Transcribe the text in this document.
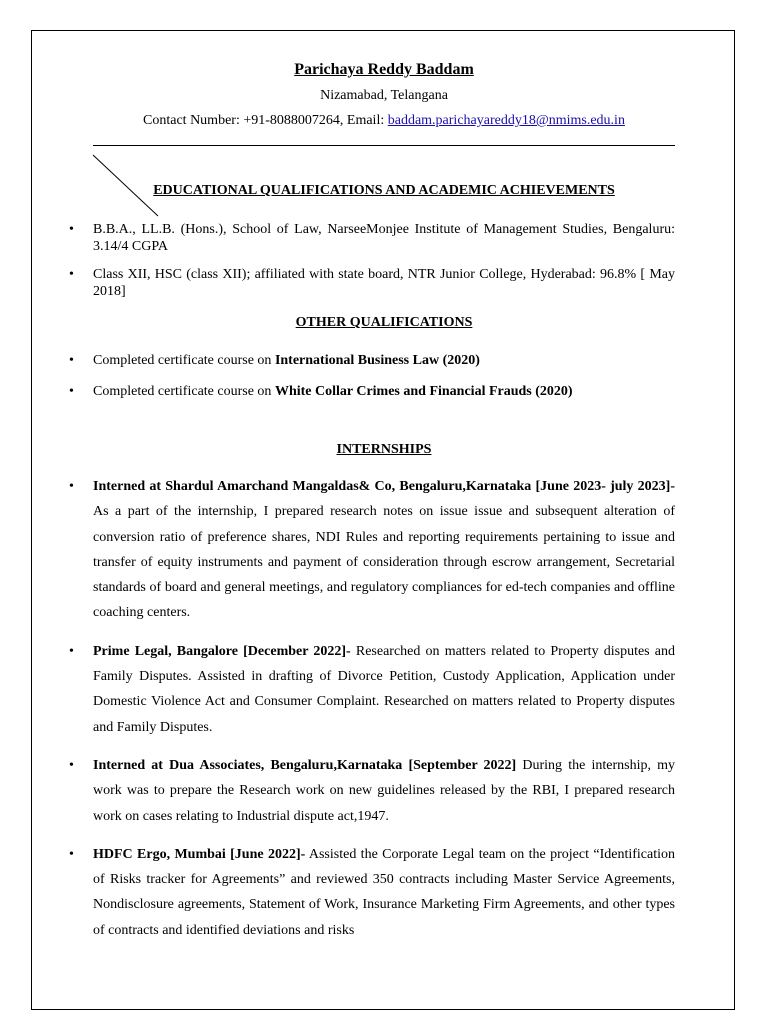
Parichaya Reddy Baddam

Nizamabad, Telangana

Contact Number: +91-8088007264, Email: baddam.parichayareddy18@nmims.edu.in

EDUCATIONAL QUALIFICATIONS AND ACADEMIC ACHIEVEMENTS

• B.B.A., LL.B. (Hons.), School of Law, NarseeMonjee Institute of Management Studies, Bengaluru: 3.14/4 CGPA
• Class XII, HSC (class XII); affiliated with state board, NTR Junior College, Hyderabad: 96.8% [ May 2018]

OTHER QUALIFICATIONS

• Completed certificate course on International Business Law (2020)
• Completed certificate course on White Collar Crimes and Financial Frauds (2020)

INTERNSHIPS

• Interned at Shardul Amarchand Mangaldas& Co, Bengaluru,Karnataka [June 2023- july 2023]- As a part of the internship, I prepared research notes on issue issue and subsequent alteration of conversion ratio of preference shares, NDI Rules and reporting requirements pertaining to issue and transfer of equity instruments and payment of consideration through escrow arrangement, Secretarial standards of board and general meetings, and regulatory compliances for ed-tech companies and offline coaching centers.
• Prime Legal, Bangalore [December 2022]- Researched on matters related to Property disputes and Family Disputes. Assisted in drafting of Divorce Petition, Custody Application, Application under Domestic Violence Act and Consumer Complaint. Researched on matters related to Property disputes and Family Disputes.
• Interned at Dua Associates, Bengaluru,Karnataka [September 2022] During the internship, my work was to prepare the Research work on new guidelines released by the RBI, I prepared research work on cases relating to Industrial dispute act,1947.
• HDFC Ergo, Mumbai [June 2022]- Assisted the Corporate Legal team on the project “Identification of Risks tracker for Agreements” and reviewed 350 contracts including Master Service Agreements, Nondisclosure agreements, Statement of Work, Insurance Marketing Firm Agreements, and other types of contracts and identified deviations and risks
